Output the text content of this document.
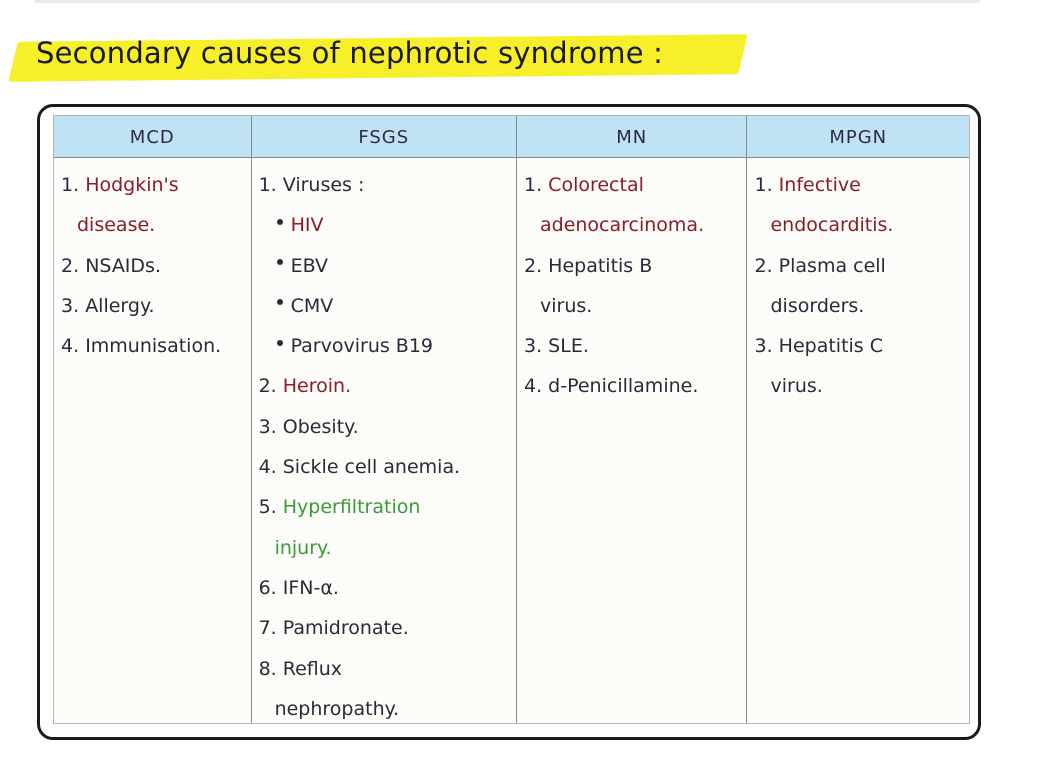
Secondary causes of nephrotic syndrome :
MCD
1. Hodgkin's
disease.
2. NSAIDs.
3. Allergy.
4. Immunisation.
FSGS
1. Viruses :
HIV
EBV
CMV
Parvovirus B19
2. Heroin.
3. Obesity.
4. Sickle cell anemia.
5. Hyperfiltration
injury.
6. IFN-α.
7. Pamidronate.
8. Reflux
nephropathy.
MN
1. Colorectal
adenocarcinoma.
2. Hepatitis B
virus.
3. SLE.
4. d-Penicillamine.
MPGN
1. Infective
endocarditis.
2. Plasma cell
disorders.
3. Hepatitis C
virus.
